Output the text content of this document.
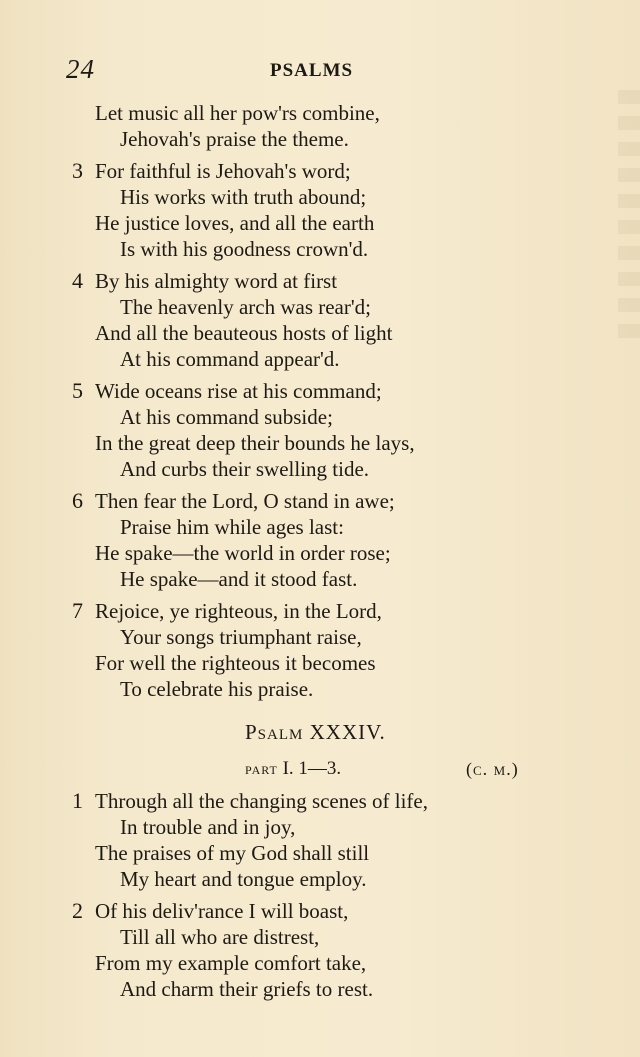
24	PSALMS
Let music all her pow'rs combine,
Jehovah's praise the theme.
3 For faithful is Jehovah's word;
His works with truth abound;
He justice loves, and all the earth
Is with his goodness crown'd.
4 By his almighty word at first
The heavenly arch was rear'd;
And all the beauteous hosts of light
At his command appear'd.
5 Wide oceans rise at his command;
At his command subside;
In the great deep their bounds he lays,
And curbs their swelling tide.
6 Then fear the Lord, O stand in awe;
Praise him while ages last:
He spake—the world in order rose;
He spake—and it stood fast.
7 Rejoice, ye righteous, in the Lord,
Your songs triumphant raise,
For well the righteous it becomes
To celebrate his praise.
Psalm XXXIV.
part I. 1—3.	(c. m.)
1 Through all the changing scenes of life,
In trouble and in joy,
The praises of my God shall still
My heart and tongue employ.
2 Of his deliv'rance I will boast,
Till all who are distrest,
From my example comfort take,
And charm their griefs to rest.
